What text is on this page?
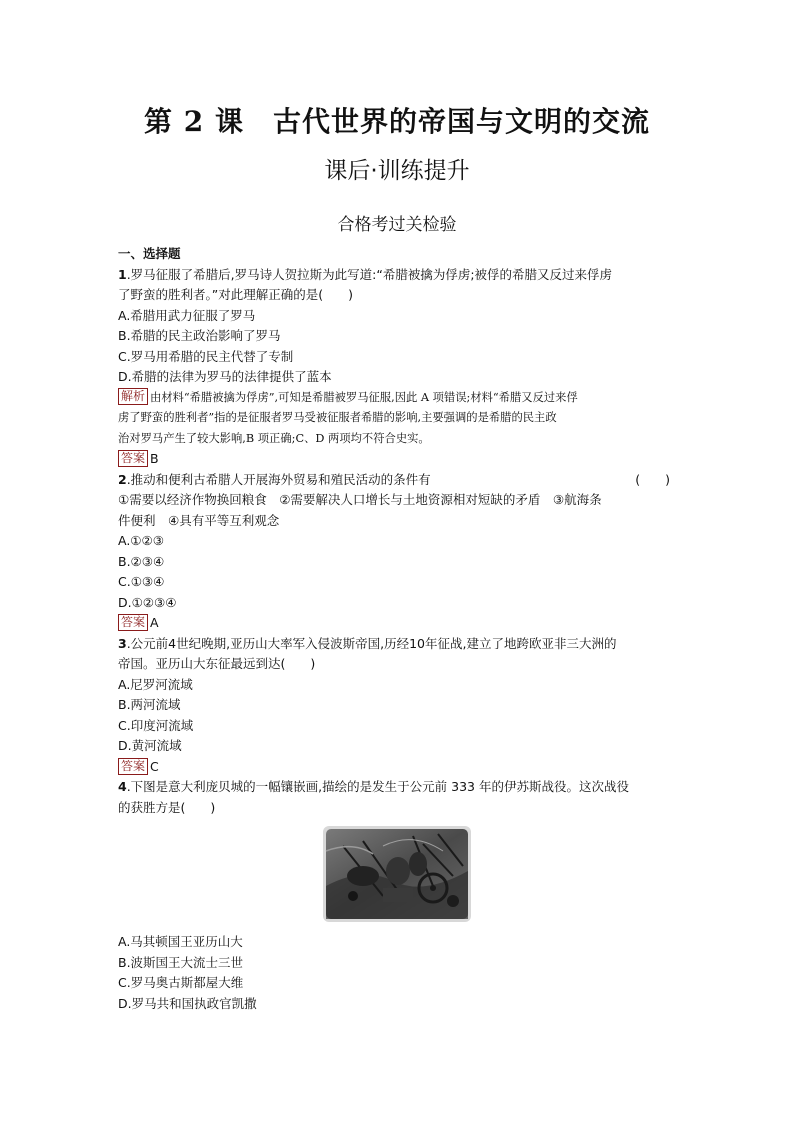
第 2 课　古代世界的帝国与文明的交流
课后·训练提升
合格考过关检验
一、选择题
1.罗马征服了希腊后,罗马诗人贺拉斯为此写道:“希腊被擒为俘虏;被俘的希腊又反过来俘虏
了野蛮的胜利者。”对此理解正确的是(　　)
A.希腊用武力征服了罗马
B.希腊的民主政治影响了罗马
C.罗马用希腊的民主代替了专制
D.希腊的法律为罗马的法律提供了蓝本
解析 由材料“希腊被擒为俘虏”,可知是希腊被罗马征服,因此 A 项错误;材料“希腊又反过来俘
虏了野蛮的胜利者”指的是征服者罗马受被征服者希腊的影响,主要强调的是希腊的民主政
治对罗马产生了较大影响,B 项正确;C、D 两项均不符合史实。
答案 B
2.推动和便利古希腊人开展海外贸易和殖民活动的条件有	(　　)
①需要以经济作物换回粮食　②需要解决人口增长与土地资源相对短缺的矛盾　③航海条
件便利　④具有平等互利观念
A.①②③
B.②③④
C.①③④
D.①②③④
答案 A
3.公元前4世纪晚期,亚历山大率军入侵波斯帝国,历经10年征战,建立了地跨欧亚非三大洲的
帝国。亚历山大东征最远到达(　　)
A.尼罗河流域
B.两河流域
C.印度河流域
D.黄河流域
答案 C
4.下图是意大利庞贝城的一幅镶嵌画,描绘的是发生于公元前 333 年的伊苏斯战役。这次战役
的获胜方是(　　)
A.马其顿国王亚历山大
B.波斯国王大流士三世
C.罗马奥古斯都屋大维
D.罗马共和国执政官凯撒
